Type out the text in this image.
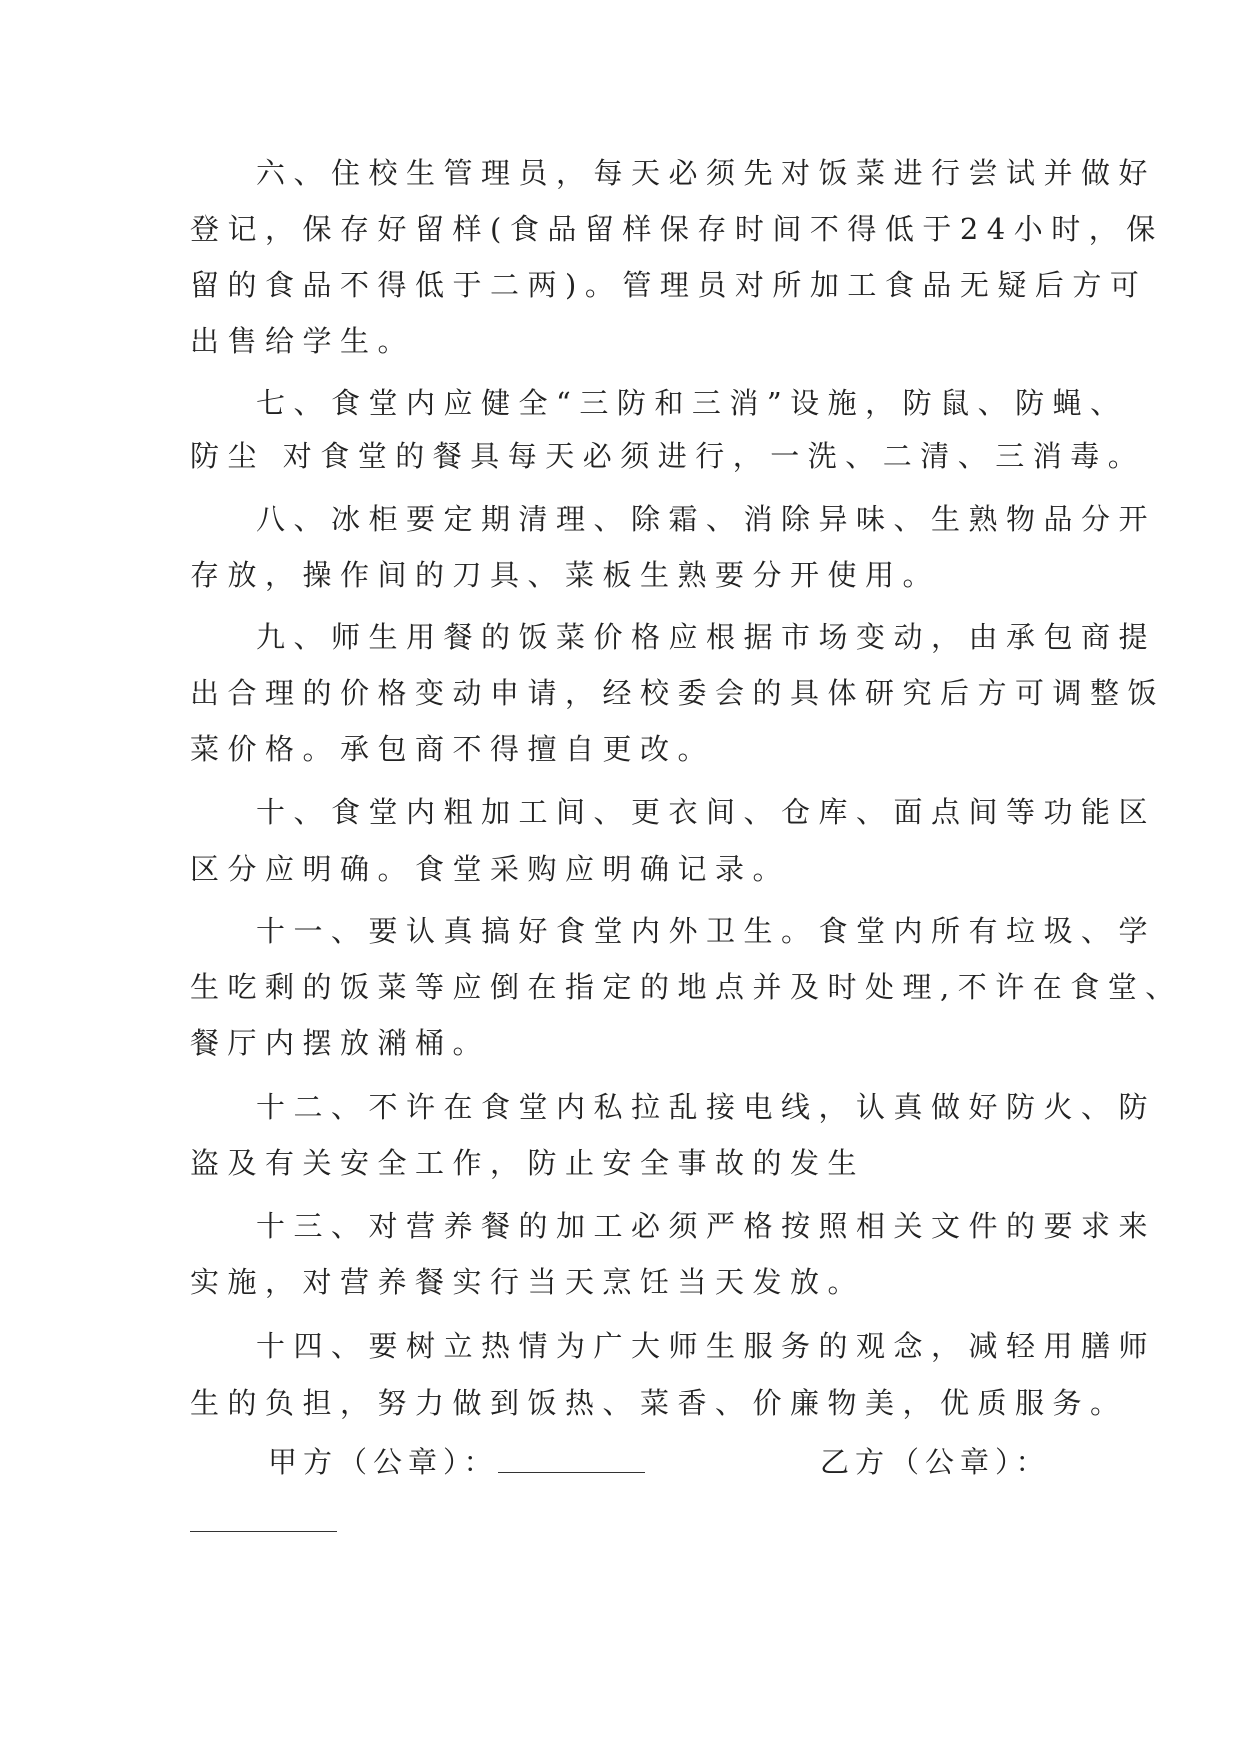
六、住校生管理员，每天必须先对饭菜进行尝试并做好

登记，保存好留样(食品留样保存时间不得低于24小时，保

留的食品不得低于二两)。管理员对所加工食品无疑后方可

出售给学生。

七、食堂内应健全“三防和三消”设施，防鼠、防蝇、

防尘 对食堂的餐具每天必须进行，一洗、二清、三消毒。

八、冰柜要定期清理、除霜、消除异味、生熟物品分开

存放，操作间的刀具、菜板生熟要分开使用。

九、师生用餐的饭菜价格应根据市场变动，由承包商提

出合理的价格变动申请，经校委会的具体研究后方可调整饭

菜价格。承包商不得擅自更改。

十、食堂内粗加工间、更衣间、仓库、面点间等功能区

区分应明确。食堂采购应明确记录。

十一、要认真搞好食堂内外卫生。食堂内所有垃圾、学

生吃剩的饭菜等应倒在指定的地点并及时处理,不许在食堂、

餐厅内摆放潲桶。

十二、不许在食堂内私拉乱接电线，认真做好防火、防

盗及有关安全工作，防止安全事故的发生

十三、对营养餐的加工必须严格按照相关文件的要求来

实施，对营养餐实行当天烹饪当天发放。

十四、要树立热情为广大师生服务的观念，减轻用膳师

生的负担，努力做到饭热、菜香、价廉物美，优质服务。

甲方（公章）：	乙方（公章）：
